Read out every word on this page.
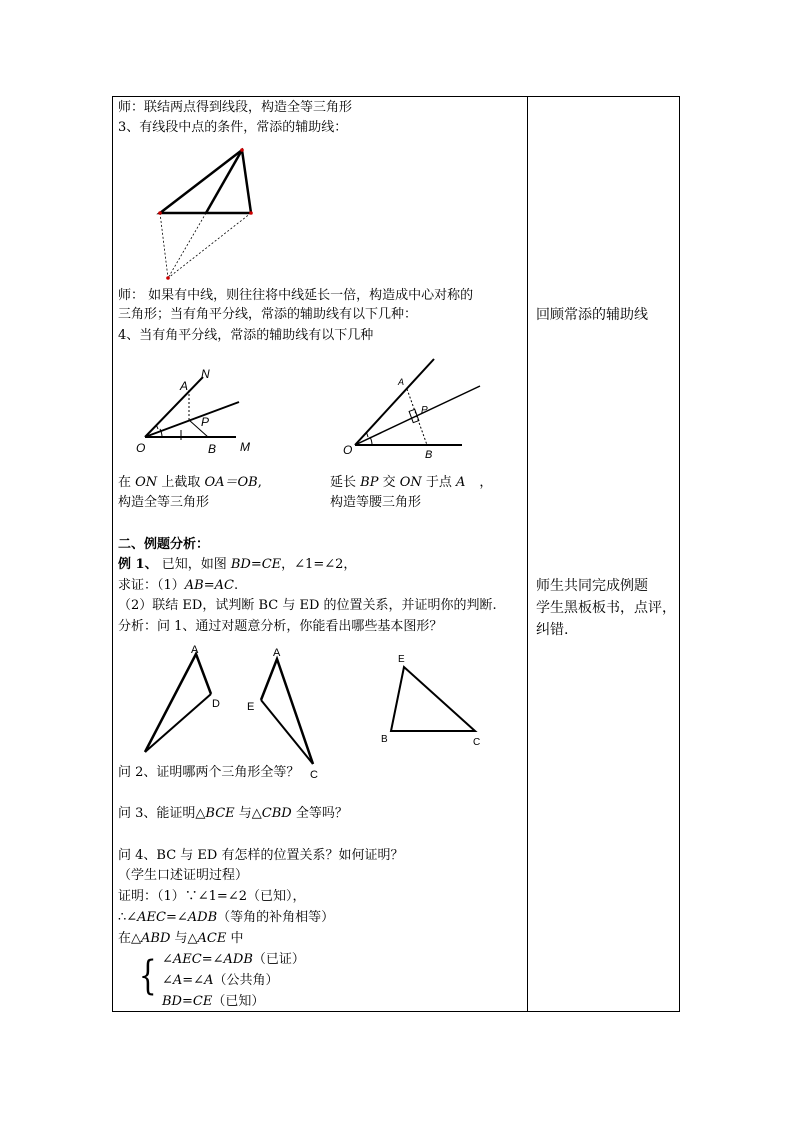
师：联结两点得到线段，构造全等三角形
3、有线段中点的条件，常添的辅助线：
师： 如果有中线，则往往将中线延长一倍，构造成中心对称的
三角形；当有角平分线，常添的辅助线有以下几种：
4、当有角平分线，常添的辅助线有以下几种
A
N
P
O	B M
A
P
O	B
在 ON 上截取 OA＝OB,
构造全等三角形
延长 BP 交 ON 于点 A ，
构造等腰三角形
二、例题分析：
例 1、 已知，如图 BD=CE，∠1=∠2，
求证：（1）AB=AC.
（2）联结 ED，试判断 BC 与 ED 的位置关系，并证明你的判断.
分析：问 1、通过对题意分析，你能看出哪些基本图形？
A
D
A
E
C
E
B	C
问 2、证明哪两个三角形全等？
问 3、能证明△BCE 与△CBD 全等吗？
问 4、BC 与 ED 有怎样的位置关系？如何证明？
（学生口述证明过程）
证明：（1）∵∠1=∠2（已知），
∴∠AEC=∠ADB（等角的补角相等）
在△ABD 与△ACE 中
{ ∠AEC=∠ADB（已证）
∠A=∠A（公共角）
BD=CE（已知）
回顾常添的辅助线
师生共同完成例题
学生黑板板书，点评，
纠错.
